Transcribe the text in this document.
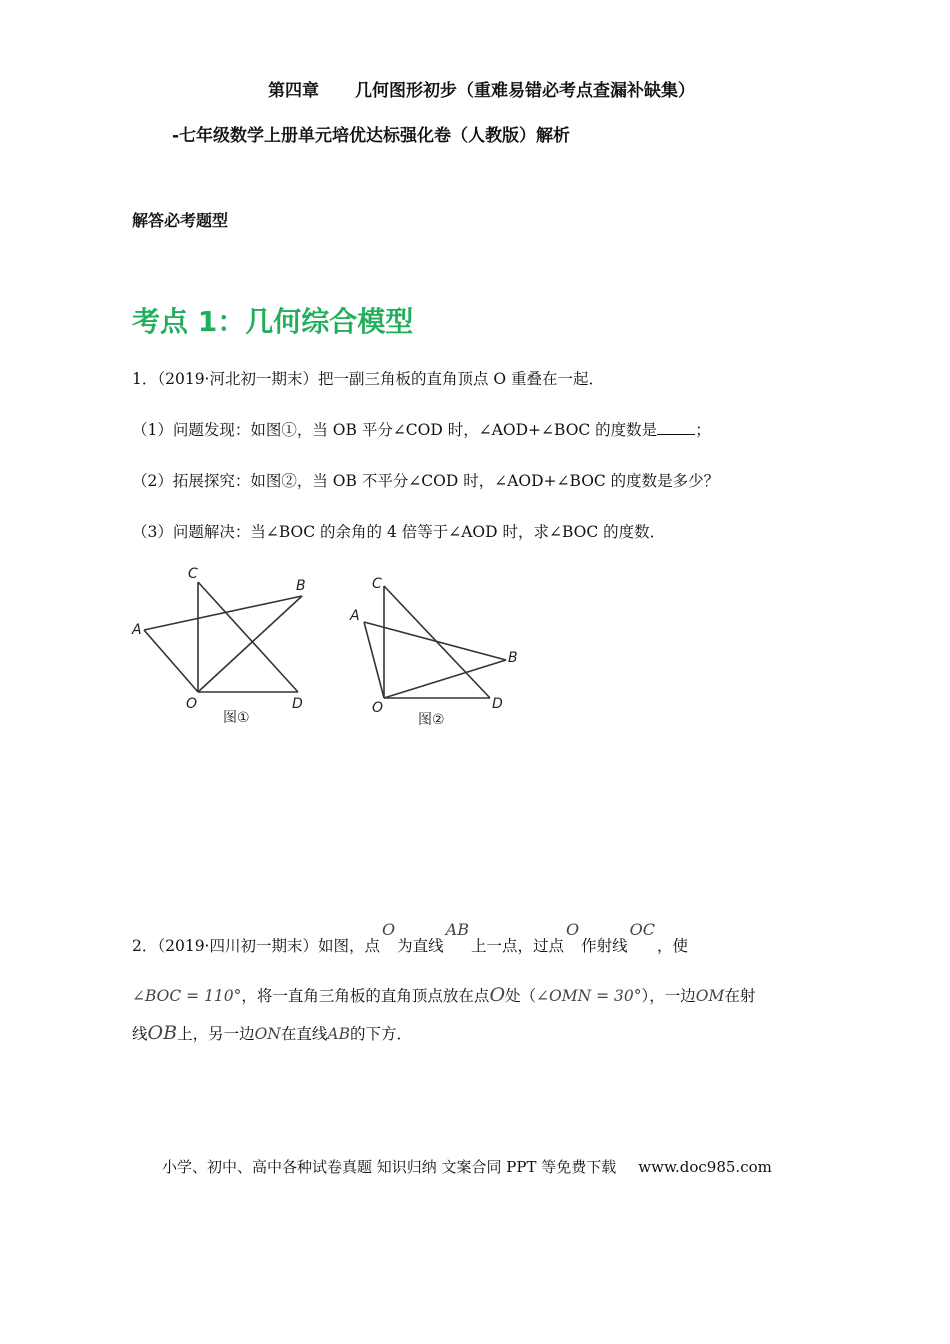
第四章 几何图形初步（重难易错必考点查漏补缺集）
-七年级数学上册单元培优达标强化卷（人教版）解析
解答必考题型
考点 1：几何综合模型
1．（2019·河北初一期末）把一副三角板的直角顶点 O 重叠在一起．
（1）问题发现：如图①，当 OB 平分∠COD 时，∠AOD+∠BOC 的度数是 ；
（2）拓展探究：如图②，当 OB 不平分∠COD 时，∠AOD+∠BOC 的度数是多少？
（3）问题解决：当∠BOC 的余角的 4 倍等于∠AOD 时，求∠BOC 的度数．
C
B
A
O	D
图①
C
A
B
O	D
图②
2．（2019·四川初一期末）如图，点O为直线AB上一点，过点O作射线OC，使
∠BOC = 110°，将一直角三角板的直角顶点放在点O处（∠OMN = 30°），一边OM在射
线OB上，另一边ON在直线AB的下方．
小学、初中、高中各种试卷真题 知识归纳 文案合同 PPT 等免费下载 www.doc985.com
